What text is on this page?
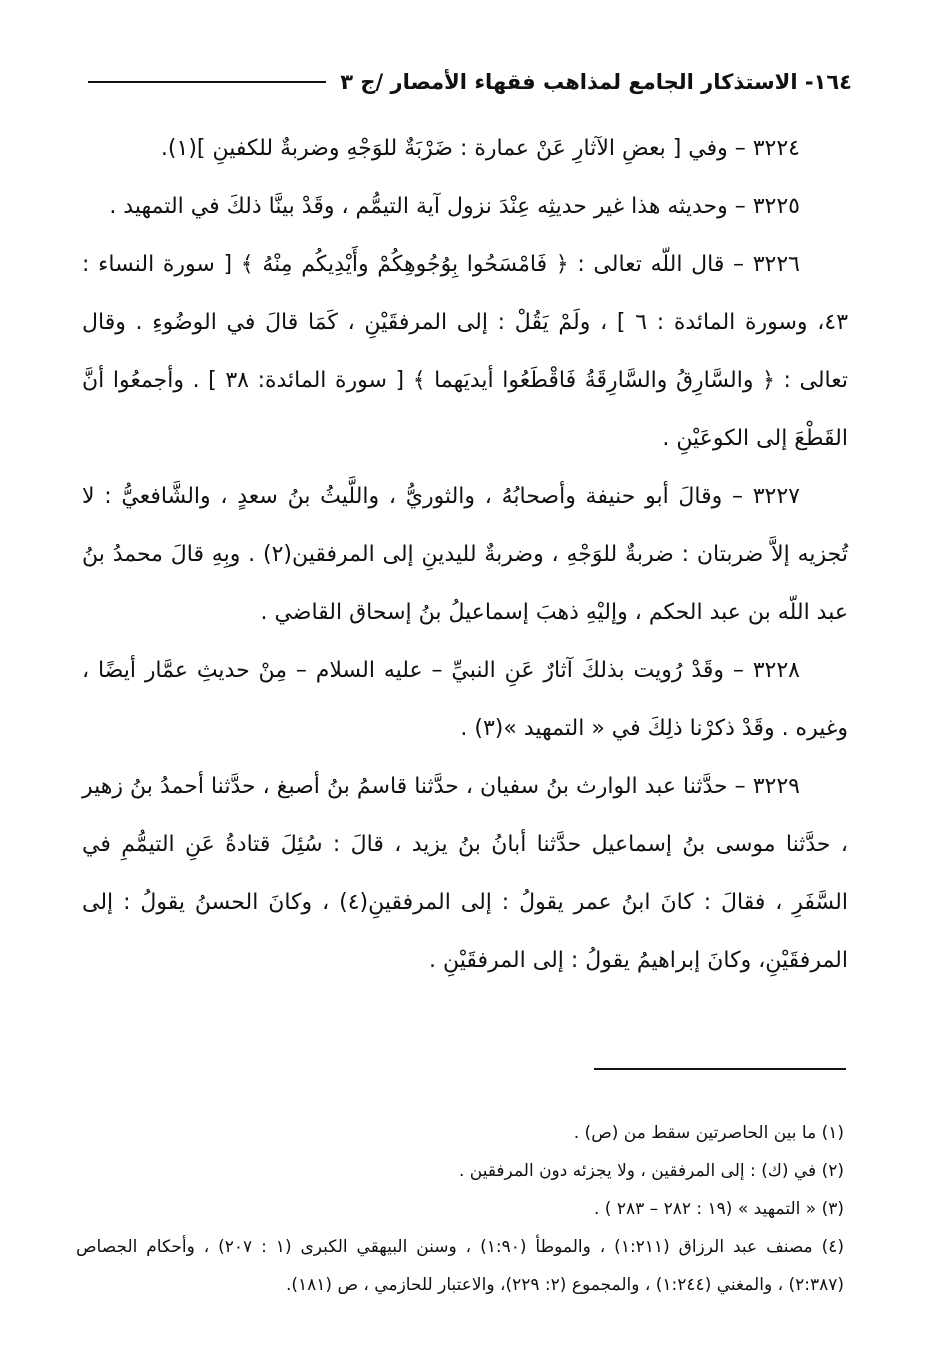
١٦٤- الاستذكار الجامع لمذاهب فقهاء الأمصار /ج ٣

٣٢٢٤ – وفي [ بعضِ الآثارِ عَنْ عمارة : ضَرْبَةٌ للوَجْهِ وضربةٌ للكفينِ ](١).

٣٢٢٥ – وحديثه هذا غير حديثِه عِنْدَ نزول آية التيمُّم ، وقَدْ بينَّا ذلكَ في التمهيد .

٣٢٢٦ – قال اللّه تعالى : ﴿ فَامْسَحُوا بِوُجُوهِكُمْ وأَيْدِيكُم مِنْهُ ﴾ [ سورة النساء : ٤٣، وسورة المائدة : ٦ ] ، ولَمْ يَقُلْ : إلى المرفقَيْنِ ، كَمَا قالَ في الوضُوءِ . وقال تعالى : ﴿ والسَّارِقُ والسَّارِقَةُ فَاقْطَعُوا أيديَهما ﴾ [ سورة المائدة: ٣٨ ] . وأجمعُوا أنَّ القَطْعَ إلى الكوعَيْنِ .

٣٢٢٧ – وقالَ أبو حنيفة وأصحابُهُ ، والثوريُّ ، واللَّيثُ بنُ سعدٍ ، والشَّافعيُّ : لا تُجزيه إلاَّ ضربتان : ضربةٌ للوَجْهِ ، وضربةٌ لليدينِ إلى المرفقين(٢) . وبِهِ قالَ محمدُ بنُ عبد اللّه بن عبد الحكم ، وإليْهِ ذهبَ إسماعيلُ بنُ إسحاق القاضي .

٣٢٢٨ – وقَدْ رُويت بذلكَ آثارٌ عَنِ النبيِّ – عليه السلام – مِنْ حديثِ عمَّار أيضًا ، وغيره . وقَدْ ذكرْنا ذلِكَ في « التمهيد »(٣) .

٣٢٢٩ – حدَّثنا عبد الوارث بنُ سفيان ، حدَّثنا قاسمُ بنُ أصبغ ، حدَّثنا أحمدُ بنُ زهير ، حدَّثنا موسى بنُ إسماعيل حدَّثنا أبانُ بنُ يزيد ، قالَ : سُئِلَ قتادةُ عَنِ التيمُّمِ في السَّفَرِ ، فقالَ : كانَ ابنُ عمر يقولُ : إلى المرفقينِ(٤) ، وكانَ الحسنُ يقولُ : إلى المرفقَيْنِ، وكانَ إبراهيمُ يقولُ : إلى المرفقَيْنِ .

(١) ما بين الحاصرتين سقط من (ص) .

(٢) في (ك) : إلى المرفقين ، ولا يجزئه دون المرفقين .

(٣) « التمهيد » (١٩ : ٢٨٢ – ٢٨٣ ) .

(٤) مصنف عبد الرزاق (١:٢١١) ، والموطأ (١:٩٠) ، وسنن البيهقي الكبرى (١ : ٢٠٧) ، وأحكام الجصاص (٢:٣٨٧) ، والمغني (١:٢٤٤) ، والمجموع (٢: ٢٢٩)، والاعتبار للحازمي ، ص (١٨١).
